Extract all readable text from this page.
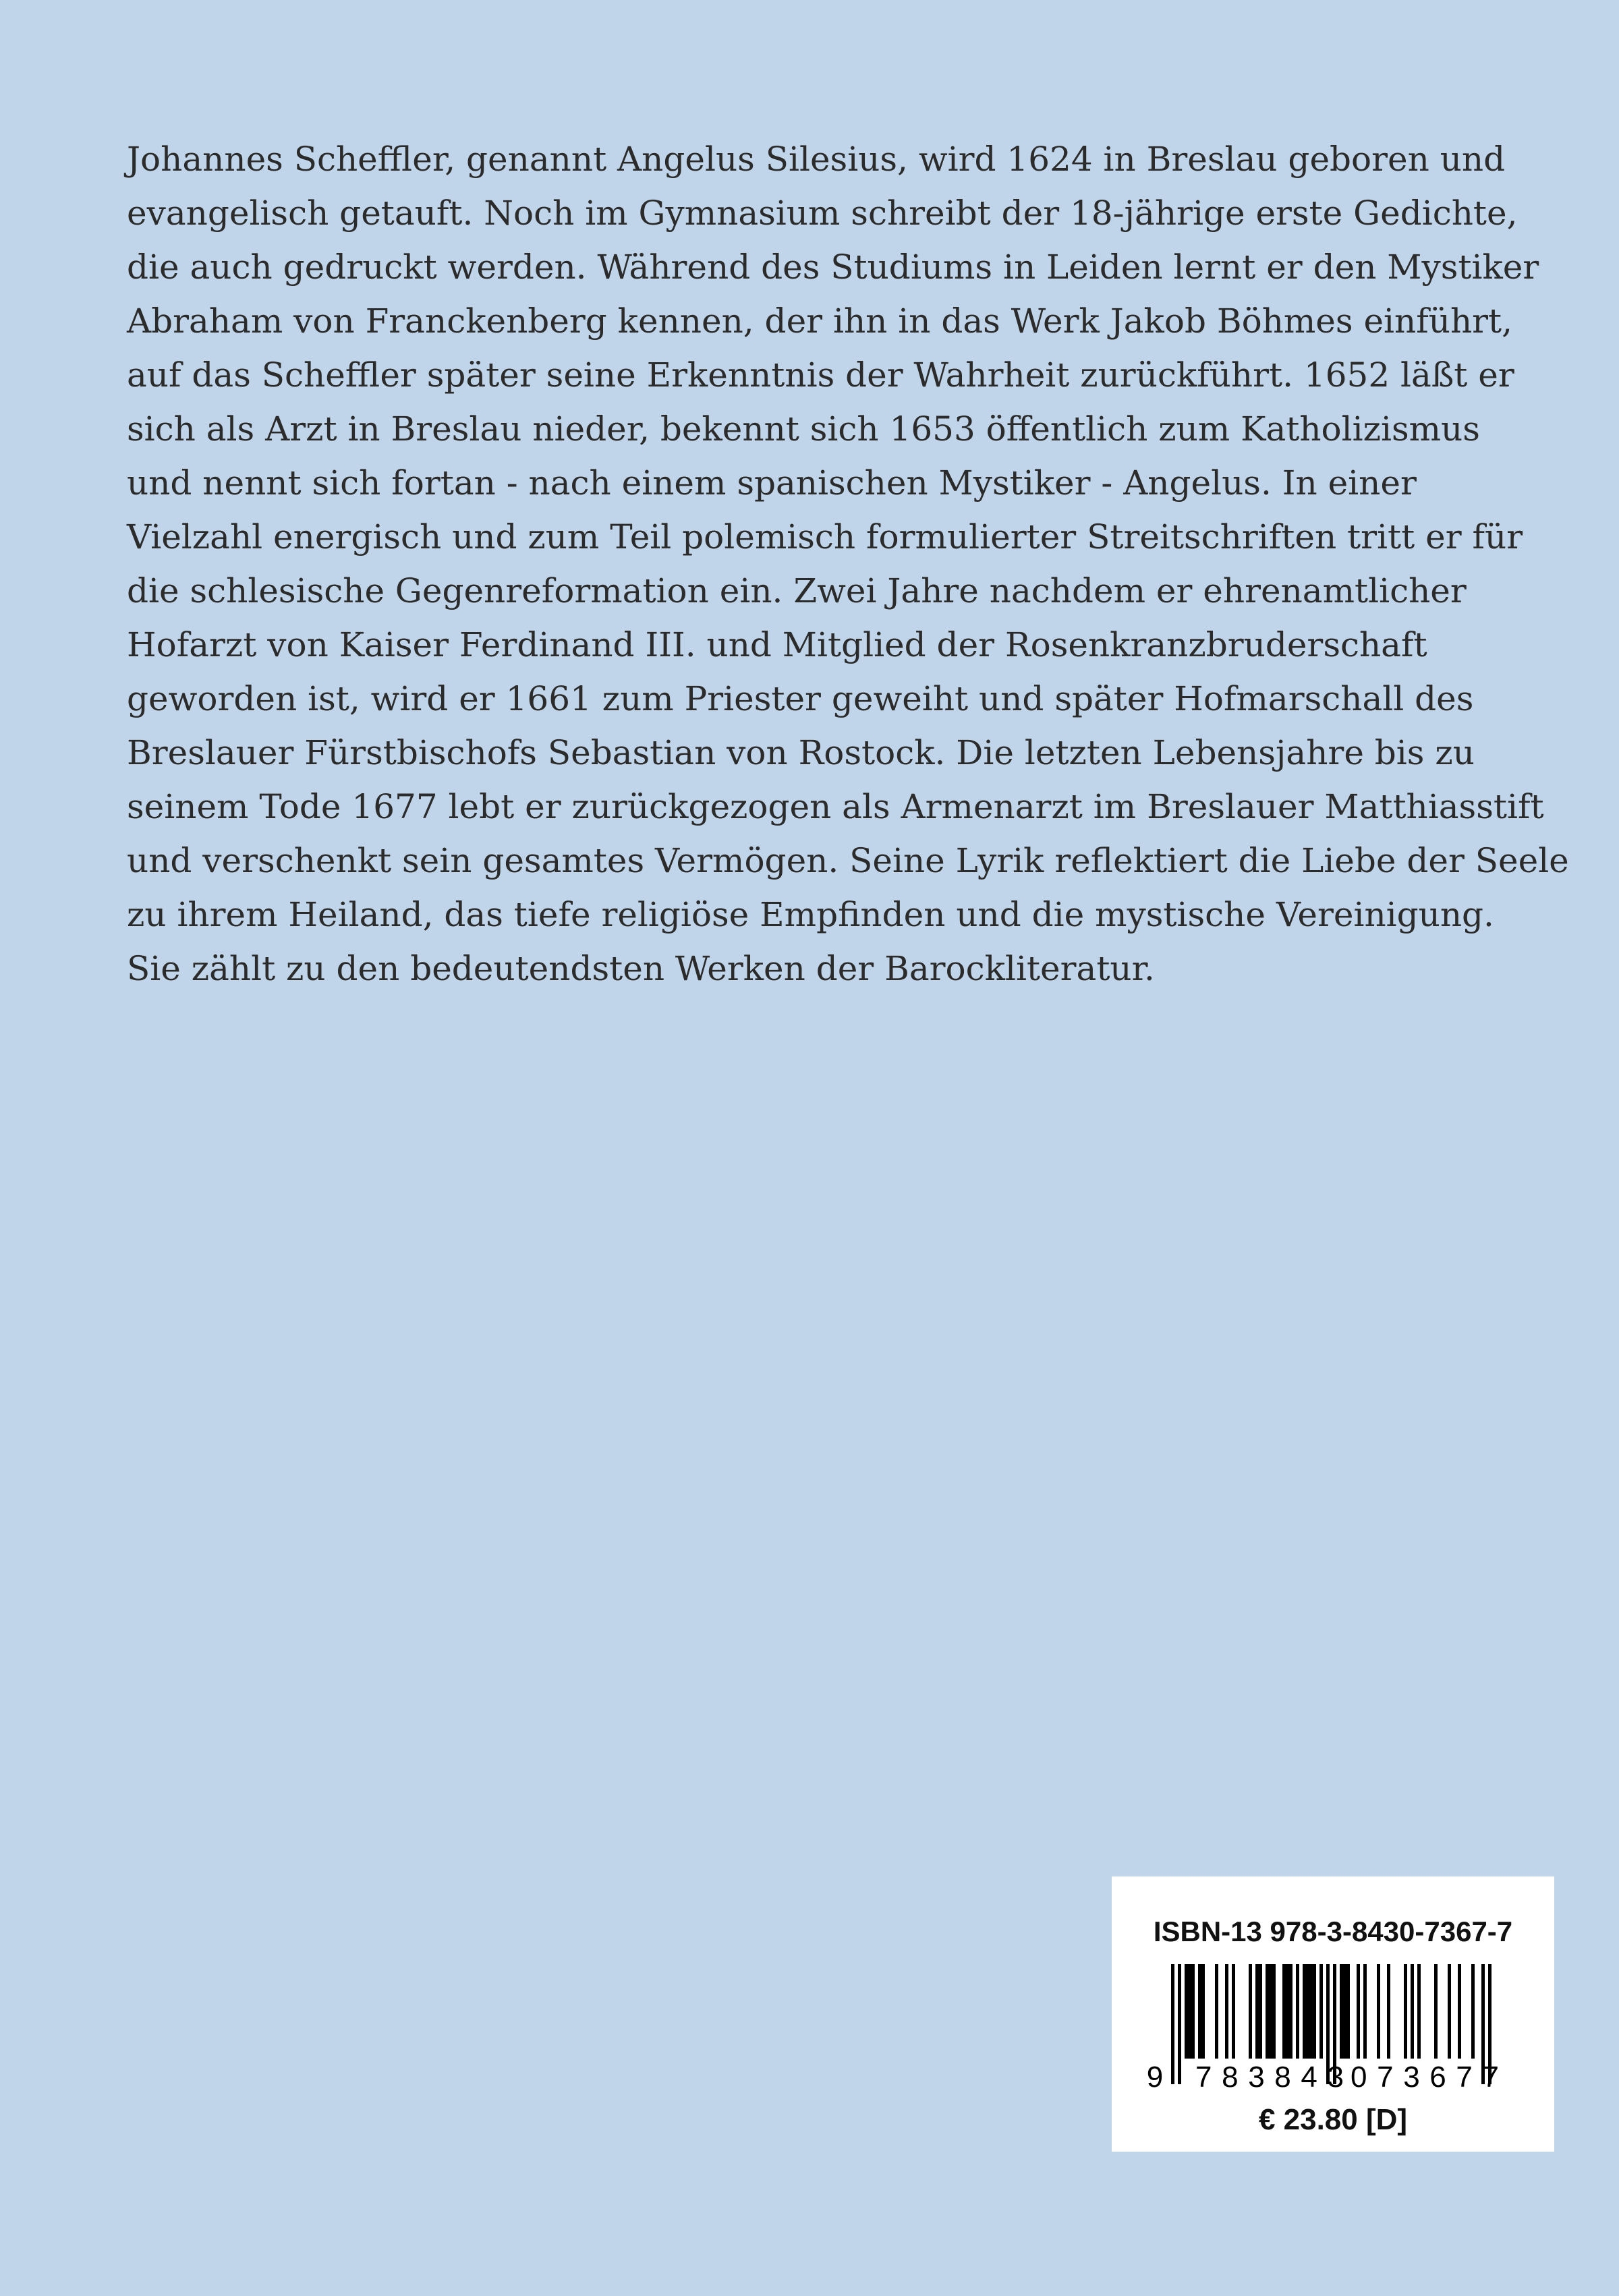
Johannes Scheffler, genannt Angelus Silesius, wird 1624 in Breslau geboren und
evangelisch getauft. Noch im Gymnasium schreibt der 18-jährige erste Gedichte,
die auch gedruckt werden. Während des Studiums in Leiden lernt er den Mystiker
Abraham von Franckenberg kennen, der ihn in das Werk Jakob Böhmes einführt,
auf das Scheffler später seine Erkenntnis der Wahrheit zurückführt. 1652 läßt er
sich als Arzt in Breslau nieder, bekennt sich 1653 öffentlich zum Katholizismus
und nennt sich fortan - nach einem spanischen Mystiker - Angelus. In einer
Vielzahl energisch und zum Teil polemisch formulierter Streitschriften tritt er für
die schlesische Gegenreformation ein. Zwei Jahre nachdem er ehrenamtlicher
Hofarzt von Kaiser Ferdinand III. und Mitglied der Rosenkranzbruderschaft
geworden ist, wird er 1661 zum Priester geweiht und später Hofmarschall des
Breslauer Fürstbischofs Sebastian von Rostock. Die letzten Lebensjahre bis zu
seinem Tode 1677 lebt er zurückgezogen als Armenarzt im Breslauer Matthiasstift
und verschenkt sein gesamtes Vermögen. Seine Lyrik reflektiert die Liebe der Seele
zu ihrem Heiland, das tiefe religiöse Empfinden und die mystische Vereinigung.
Sie zählt zu den bedeutendsten Werken der Barockliteratur.
ISBN-13 978-3-8430-7367-7
9 783843 073677
€ 23.80 [D]
